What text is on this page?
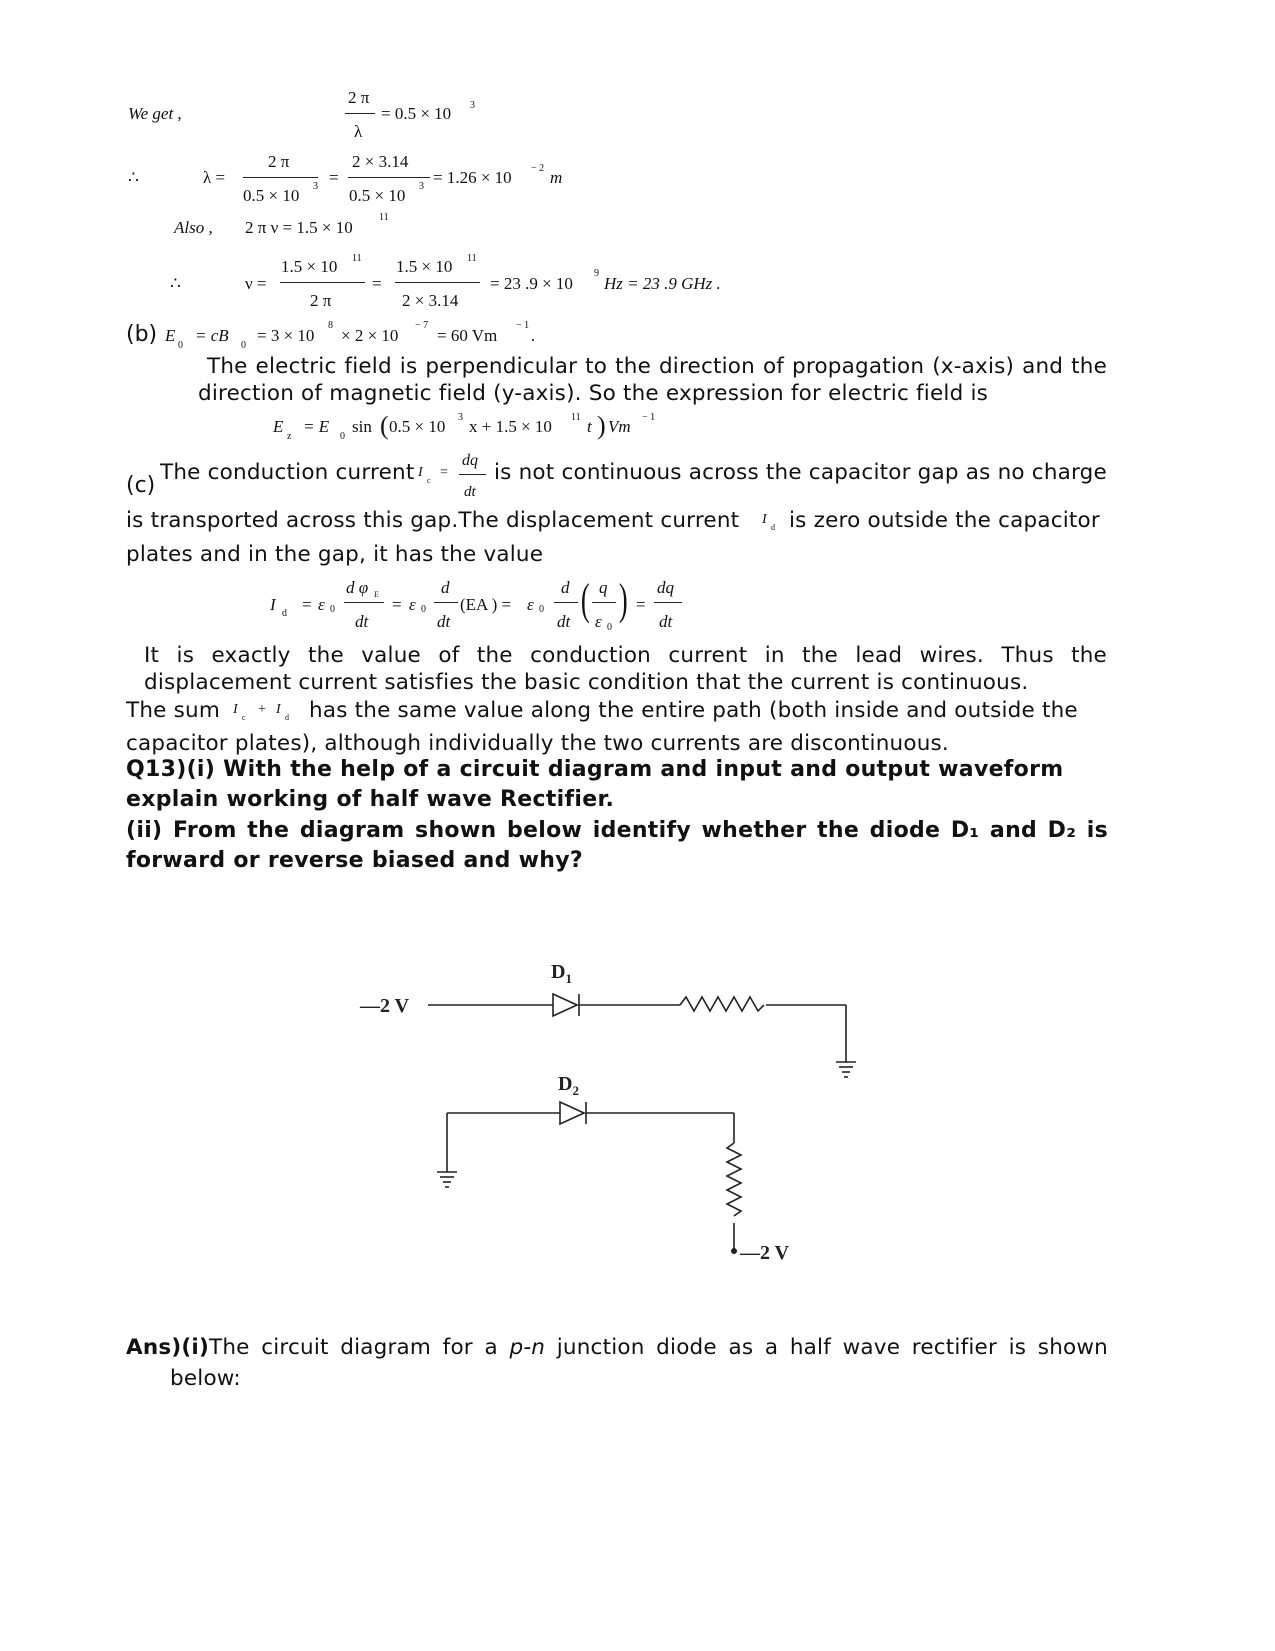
We get ,
2 π
λ
= 0.5 × 10 3
∴	λ =
2 π
0.5 × 10 3 =
2 × 3.14
0.5 × 10 3 = 1.26 × 10 − 2 m
Also , 2 π ν = 1.5 × 10
11
∴	ν =
1.5 × 10 11
2 π
=
1.5 × 10 11
2 × 3.14
= 23 .9 × 10
9
Hz = 23 .9 GHz .
(b) E
0
= cB
0
= 3 × 10
8
× 2 × 10
− 7
= 60 Vm
− 1
.
The electric field is perpendicular to the direction of propagation (x-axis) and the
direction of magnetic field (y-axis). So the expression for electric field is
E
z
= E
0
sin ( 0.5 × 10 3 x + 1.5 × 10 11 t ) Vm − 1
(c)
The conduction current I
c
=
dq
dt
is not continuous across the capacitor gap as no charge
is transported across this gap.The displacement current I
d is zero outside the capacitor
plates and in the gap, it has the value
I d = ε 0
d φ E
dt
= ε 0
d
dt
(EA ) = ε 0
d
dt ( q
ε 0
) =
dq
dt
It is exactly the value of the conduction current in the lead wires. Thus the
displacement current satisfies the basic condition that the current is continuous.
The sum I
c
+ I
d has the same value along the entire path (both inside and outside the
capacitor plates), although individually the two currents are discontinuous.
Q13)(i) With the help of a circuit diagram and input and output waveform
explain working of half wave Rectifier.
(ii) From the diagram shown below identify whether the diode D₁ and D₂ is
forward or reverse biased and why?
—2 V
$D_1$
$D_2$
—2 V
Ans)(i)The circuit diagram for a p-n junction diode as a half wave rectifier is shown
below:
